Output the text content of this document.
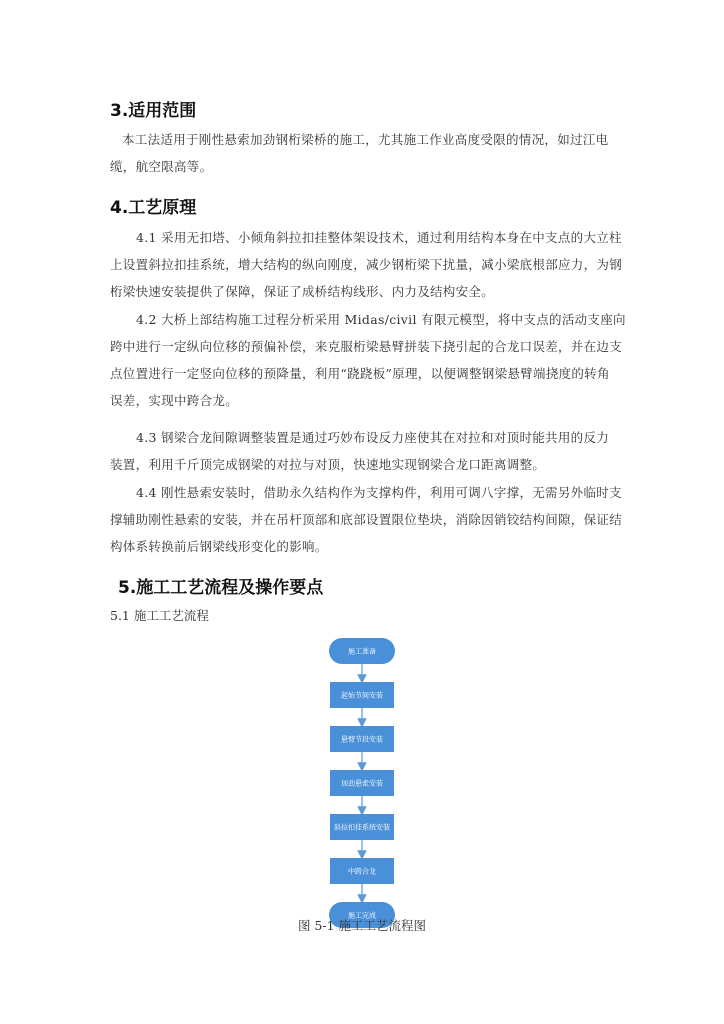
3.适用范围
本工法适用于刚性悬索加劲钢桁梁桥的施工，尤其施工作业高度受限的情况，如过江电
缆，航空限高等。
4.工艺原理
4.1 采用无扣塔、小倾角斜拉扣挂整体架设技术，通过利用结构本身在中支点的大立柱
上设置斜拉扣挂系统，增大结构的纵向刚度，减少钢桁梁下扰量，减小梁底根部应力，为钢
桁梁快速安装提供了保障，保证了成桥结构线形、内力及结构安全。
4.2 大桥上部结构施工过程分析采用 Midas/civil 有限元模型，将中支点的活动支座向
跨中进行一定纵向位移的预偏补偿，来克服桁梁悬臂拼装下挠引起的合龙口误差，并在边支
点位置进行一定竖向位移的预降量，利用“跷跷板”原理，以便调整钢梁悬臂端挠度的转角
误差，实现中跨合龙。
4.3 钢梁合龙间隙调整装置是通过巧妙布设反力座使其在对拉和对顶时能共用的反力
装置，利用千斤顶完成钢梁的对拉与对顶，快速地实现钢梁合龙口距离调整。
4.4 刚性悬索安装时，借助永久结构作为支撑构件，利用可调八字撑，无需另外临时支
撑辅助刚性悬索的安装，并在吊杆顶部和底部设置限位垫块，消除因销铰结构间隙，保证结
构体系转换前后钢梁线形变化的影响。
5.施工工艺流程及操作要点
5.1 施工工艺流程
施工准备
起始节间安装
悬臂节段安装
加劲悬索安装
斜拉扣挂系统安装
中跨合龙
施工完成
图 5-1 施工工艺流程图
